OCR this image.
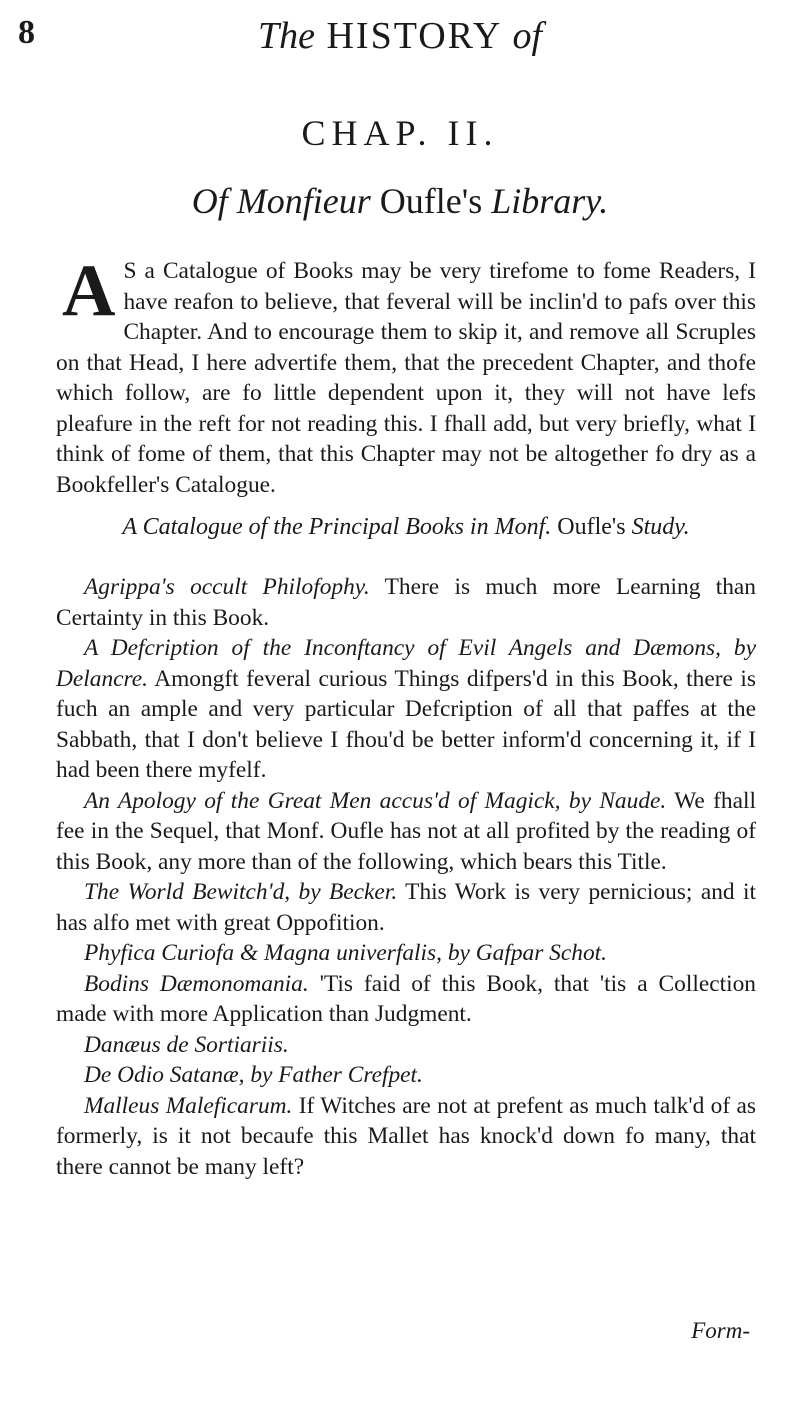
8	The HISTORY of
CHAP. II.
Of Monfieur Oufle's Library.
A S a Catalogue of Books may be very tirefome to fome Readers, I have reafon to believe, that feveral will be inclin'd to pafs over this Chapter. And to encourage them to skip it, and remove all Scruples on that Head, I here advertife them, that the precedent Chapter, and thofe which follow, are fo little dependent upon it, they will not have lefs pleafure in the reft for not reading this. I fhall add, but very briefly, what I think of fome of them, that this Chapter may not be altogether fo dry as a Bookfeller's Catalogue.
A Catalogue of the Principal Books in Monf. Oufle's Study.

Agrippa's occult Philofophy. There is much more Learning than Certainty in this Book.

A Defcription of the Inconftancy of Evil Angels and Dæmons, by Delancre. Amongft feveral curious Things difpers'd in this Book, there is fuch an ample and very particular Defcription of all that paffes at the Sabbath, that I don't believe I fhou'd be better inform'd concerning it, if I had been there myfelf.

An Apology of the Great Men accus'd of Magick, by Naude. We fhall fee in the Sequel, that Monf. Oufle has not at all profited by the reading of this Book, any more than of the following, which bears this Title.

The World Bewitch'd, by Becker. This Work is very pernicious; and it has alfo met with great Oppofition.

Phyfica Curiofa & Magna univerfalis, by Gafpar Schot.

Bodins Dæmonomania. 'Tis faid of this Book, that 'tis a Collection made with more Application than Judgment.

Danæus de Sortiariis.

De Odio Satanæ, by Father Crefpet.

Malleus Maleficarum. If Witches are not at prefent as much talk'd of as formerly, is it not becaufe this Mallet has knock'd down fo many, that there cannot be many left?

Form-
